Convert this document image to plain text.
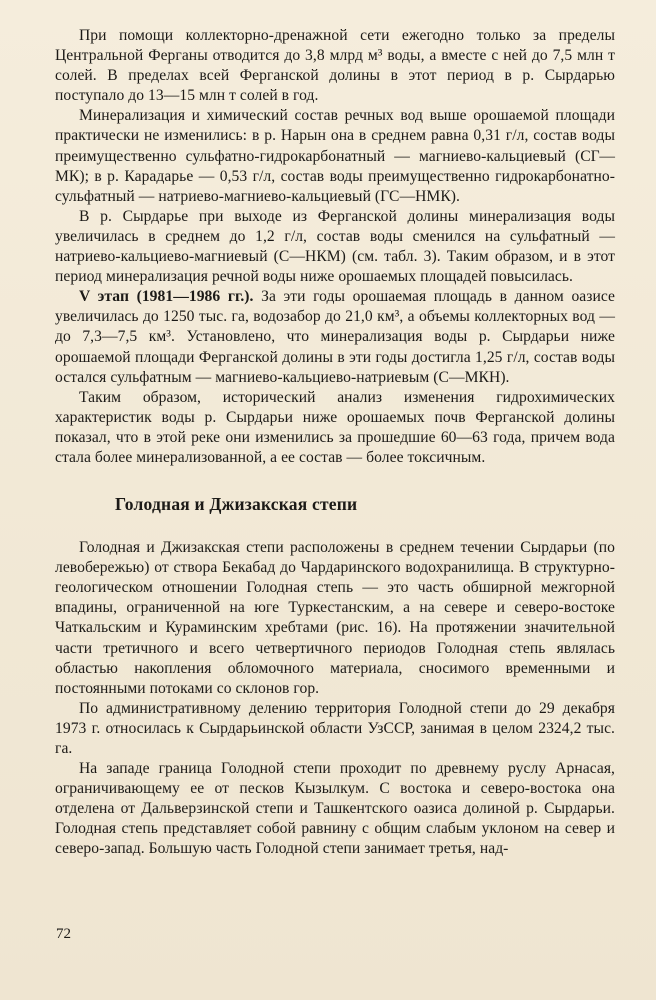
При помощи коллекторно-дренажной сети ежегодно только за пределы Центральной Ферганы отводится до 3,8 млрд м³ воды, а вместе с ней до 7,5 млн т солей. В пределах всей Ферганской долины в этот период в р. Сырдарью поступало до 13—15 млн т солей в год.

Минерализация и химический состав речных вод выше орошаемой площади практически не изменились: в р. Нарын она в среднем равна 0,31 г/л, состав воды преимущественно сульфатно-гидрокарбонатный — магниево-кальциевый (СГ—МК); в р. Карадарье — 0,53 г/л, состав воды преимущественно гидрокарбонатно-сульфатный — натриево-магниево-кальциевый (ГС—НМК).

В р. Сырдарье при выходе из Ферганской долины минерализация воды увеличилась в среднем до 1,2 г/л, состав воды сменился на сульфатный — натриево-кальциево-магниевый (С—НКМ) (см. табл. 3). Таким образом, и в этот период минерализация речной воды ниже орошаемых площадей повысилась.

V этап (1981—1986 гг.). За эти годы орошаемая площадь в данном оазисе увеличилась до 1250 тыс. га, водозабор до 21,0 км³, а объемы коллекторных вод — до 7,3—7,5 км³. Установлено, что минерализация воды р. Сырдарьи ниже орошаемой площади Ферганской долины в эти годы достигла 1,25 г/л, состав воды остался сульфатным — магниево-кальциево-натриевым (С—МКН).

Таким образом, исторический анализ изменения гидрохимических характеристик воды р. Сырдарьи ниже орошаемых почв Ферганской долины показал, что в этой реке они изменились за прошедшие 60—63 года, причем вода стала более минерализованной, а ее состав — более токсичным.

Голодная и Джизакская степи

Голодная и Джизакская степи расположены в среднем течении Сырдарьи (по левобережью) от створа Бекабад до Чардаринского водохранилища. В структурно-геологическом отношении Голодная степь — это часть обширной межгорной впадины, ограниченной на юге Туркестанским, а на севере и северо-востоке Чаткальским и Кураминским хребтами (рис. 16). На протяжении значительной части третичного и всего четвертичного периодов Голодная степь являлась областью накопления обломочного материала, сносимого временными и постоянными потоками со склонов гор.

По административному делению территория Голодной степи до 29 декабря 1973 г. относилась к Сырдарьинской области УзССР, занимая в целом 2324,2 тыс. га.

На западе граница Голодной степи проходит по древнему руслу Арнасая, ограничивающему ее от песков Кызылкум. С востока и северо-востока она отделена от Дальверзинской степи и Ташкентского оазиса долиной р. Сырдарьи. Голодная степь представляет собой равнину с общим слабым уклоном на север и северо-запад. Большую часть Голодной степи занимает третья, над-

72
